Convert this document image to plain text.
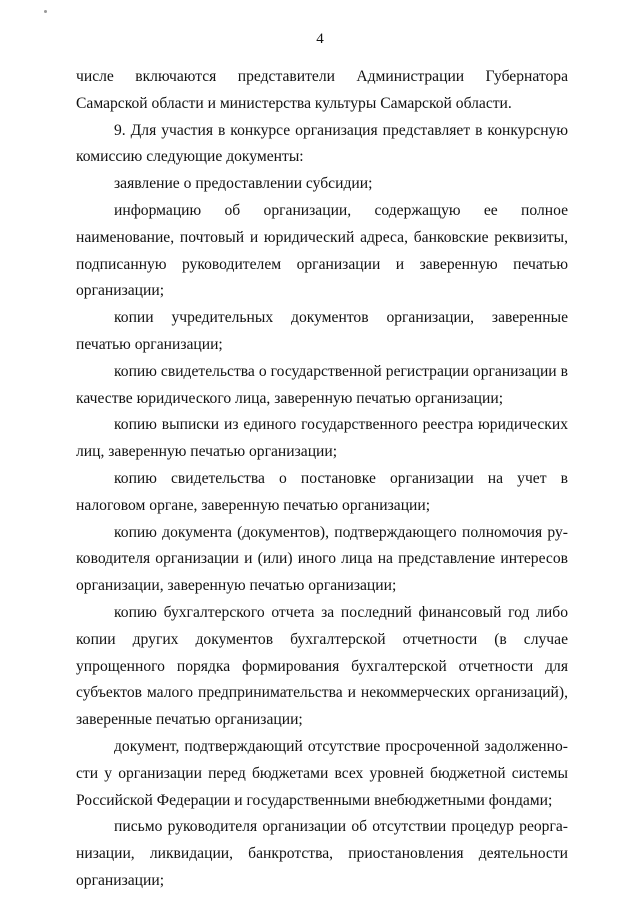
4

числе включаются представители Администрации Губернатора Самарской области и министерства культуры Самарской области.

9. Для участия в конкурсе организация представляет в конкурсную комиссию следующие документы:

заявление о предоставлении субсидии;

информацию об организации, содержащую ее полное наименование, почтовый и юридический адреса, банковские реквизиты, подписанную руководителем организации и заверенную печатью организации;

копии учредительных документов организации, заверенные печатью организации;

копию свидетельства о государственной регистрации организации в качестве юридического лица, заверенную печатью организации;

копию выписки из единого государственного реестра юридических лиц, заверенную печатью организации;

копию свидетельства о постановке организации на учет в налоговом органе, заверенную печатью организации;

копию документа (документов), подтверждающего полномочия руководителя организации и (или) иного лица на представление интересов организации, заверенную печатью организации;

копию бухгалтерского отчета за последний финансовый год либо копии других документов бухгалтерской отчетности (в случае упрощенного порядка формирования бухгалтерской отчетности для субъектов малого предпринимательства и некоммерческих организаций), заверенные печатью организации;

документ, подтверждающий отсутствие просроченной задолженности у организации перед бюджетами всех уровней бюджетной системы Российской Федерации и государственными внебюджетными фондами;

письмо руководителя организации об отсутствии процедур реорганизации, ликвидации, банкротства, приостановления деятельности организации;
